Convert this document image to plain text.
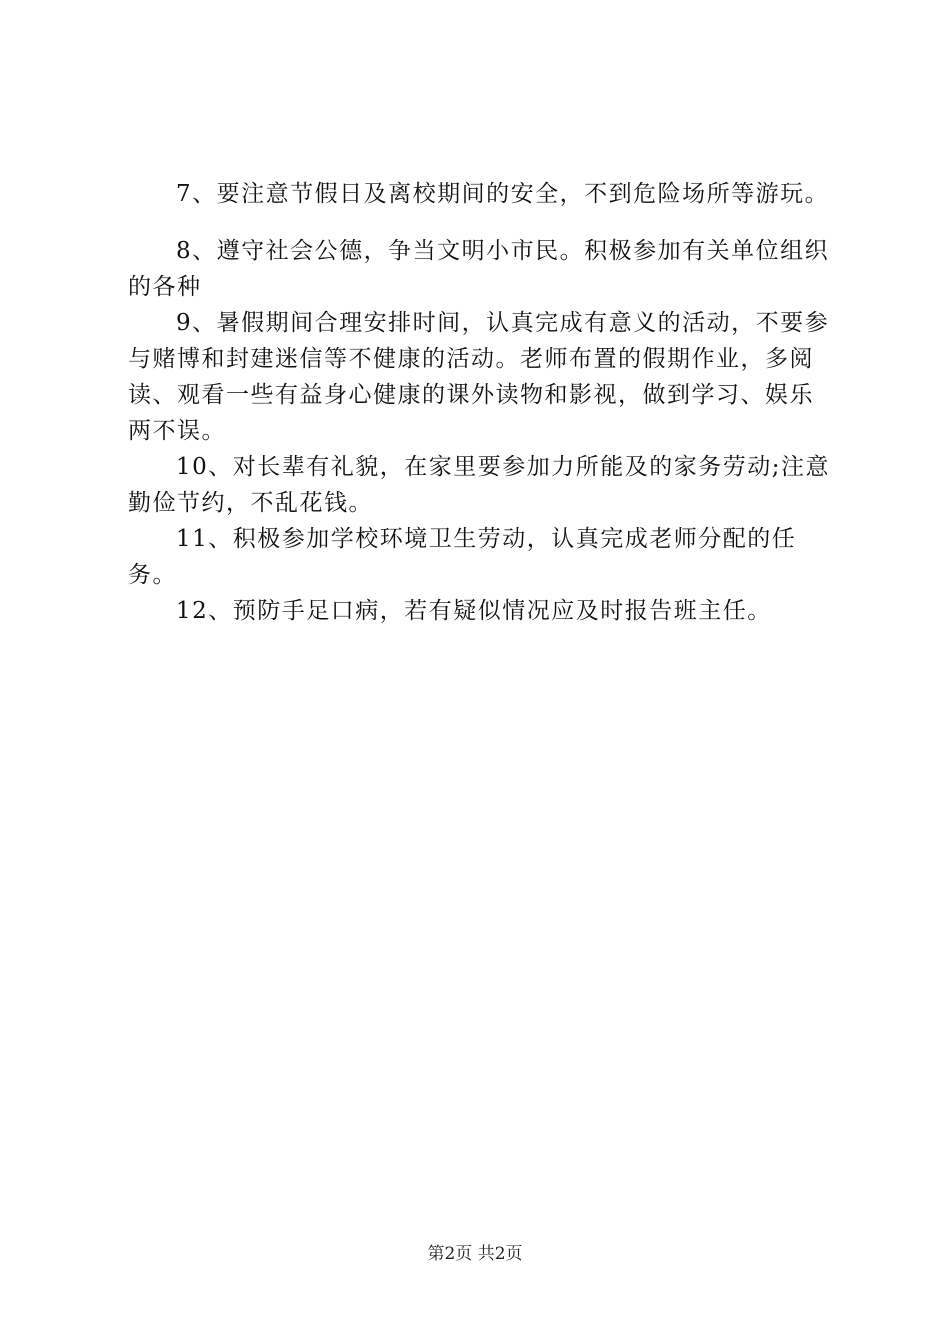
7、要注意节假日及离校期间的安全，不到危险场所等游玩。

8、遵守社会公德，争当文明小市民。积极参加有关单位组织的各种

9、暑假期间合理安排时间，认真完成有意义的活动，不要参与赌博和封建迷信等不健康的活动。老师布置的假期作业，多阅读、观看一些有益身心健康的课外读物和影视，做到学习、娱乐两不误。

10、对长辈有礼貌，在家里要参加力所能及的家务劳动;注意勤俭节约，不乱花钱。

11、积极参加学校环境卫生劳动，认真完成老师分配的任务。

12、预防手足口病，若有疑似情况应及时报告班主任。

第2页 共2页
